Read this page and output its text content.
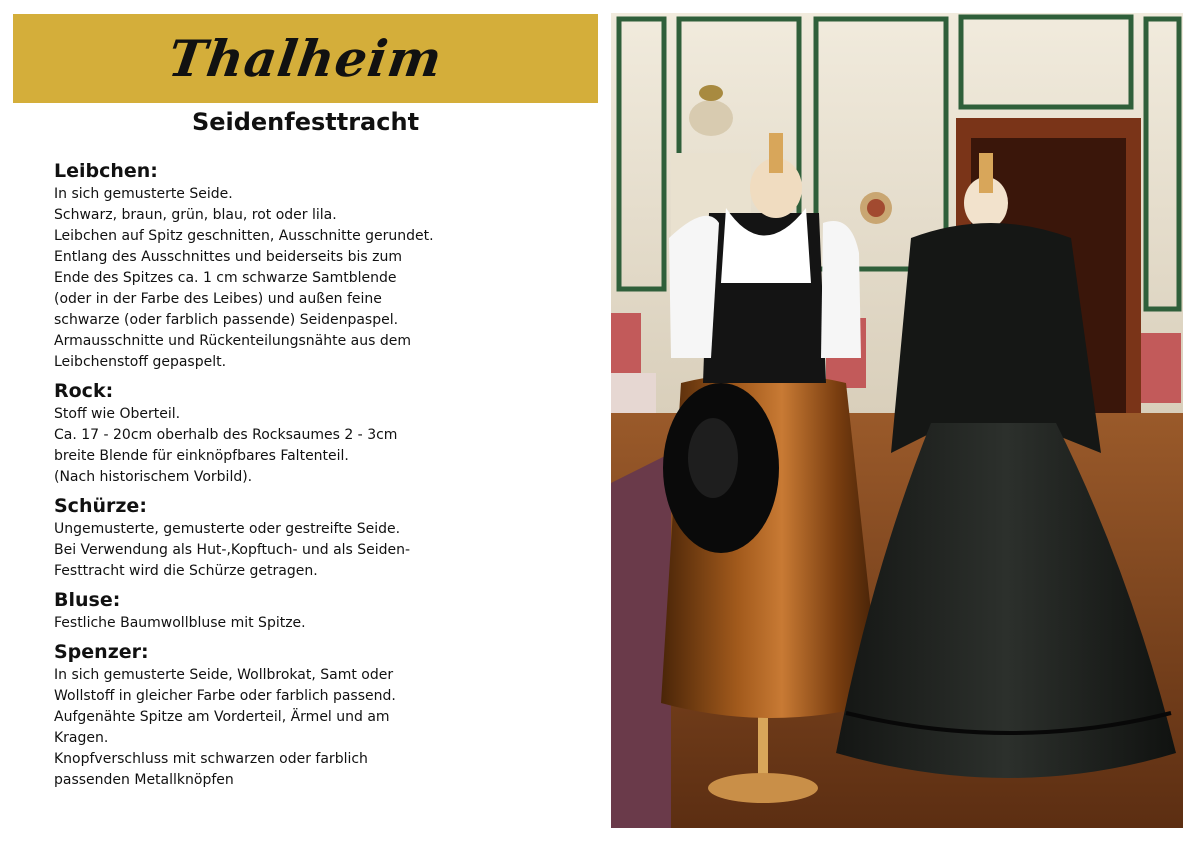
Thalheim
Seidenfesttracht
Leibchen:

In sich gemusterte Seide.
Schwarz, braun, grün, blau, rot oder lila.
Leibchen auf Spitz geschnitten, Ausschnitte gerundet.
Entlang des Ausschnittes und beiderseits bis zum
Ende des Spitzes ca. 1 cm schwarze Samtblende
(oder in der Farbe des Leibes) und außen feine
schwarze (oder farblich passende) Seidenpaspel.
Armausschnitte und Rückenteilungsnähte aus dem
Leibchenstoff gepaspelt.

Rock:

Stoff wie Oberteil.
Ca. 17 - 20cm oberhalb des Rocksaumes 2 - 3cm
breite Blende für einknöpfbares Faltenteil.
(Nach historischem Vorbild).

Schürze:

Ungemusterte, gemusterte oder gestreifte Seide.
Bei Verwendung als Hut-,Kopftuch- und als Seiden-
Festtracht wird die Schürze getragen.

Bluse:

Festliche Baumwollbluse mit Spitze.

Spenzer:

In sich gemusterte Seide, Wollbrokat, Samt oder
Wollstoff in gleicher Farbe oder farblich passend.
Aufgenähte Spitze am Vorderteil, Ärmel und am
Kragen.
Knopfverschluss mit schwarzen oder farblich
passenden Metallknöpfen
